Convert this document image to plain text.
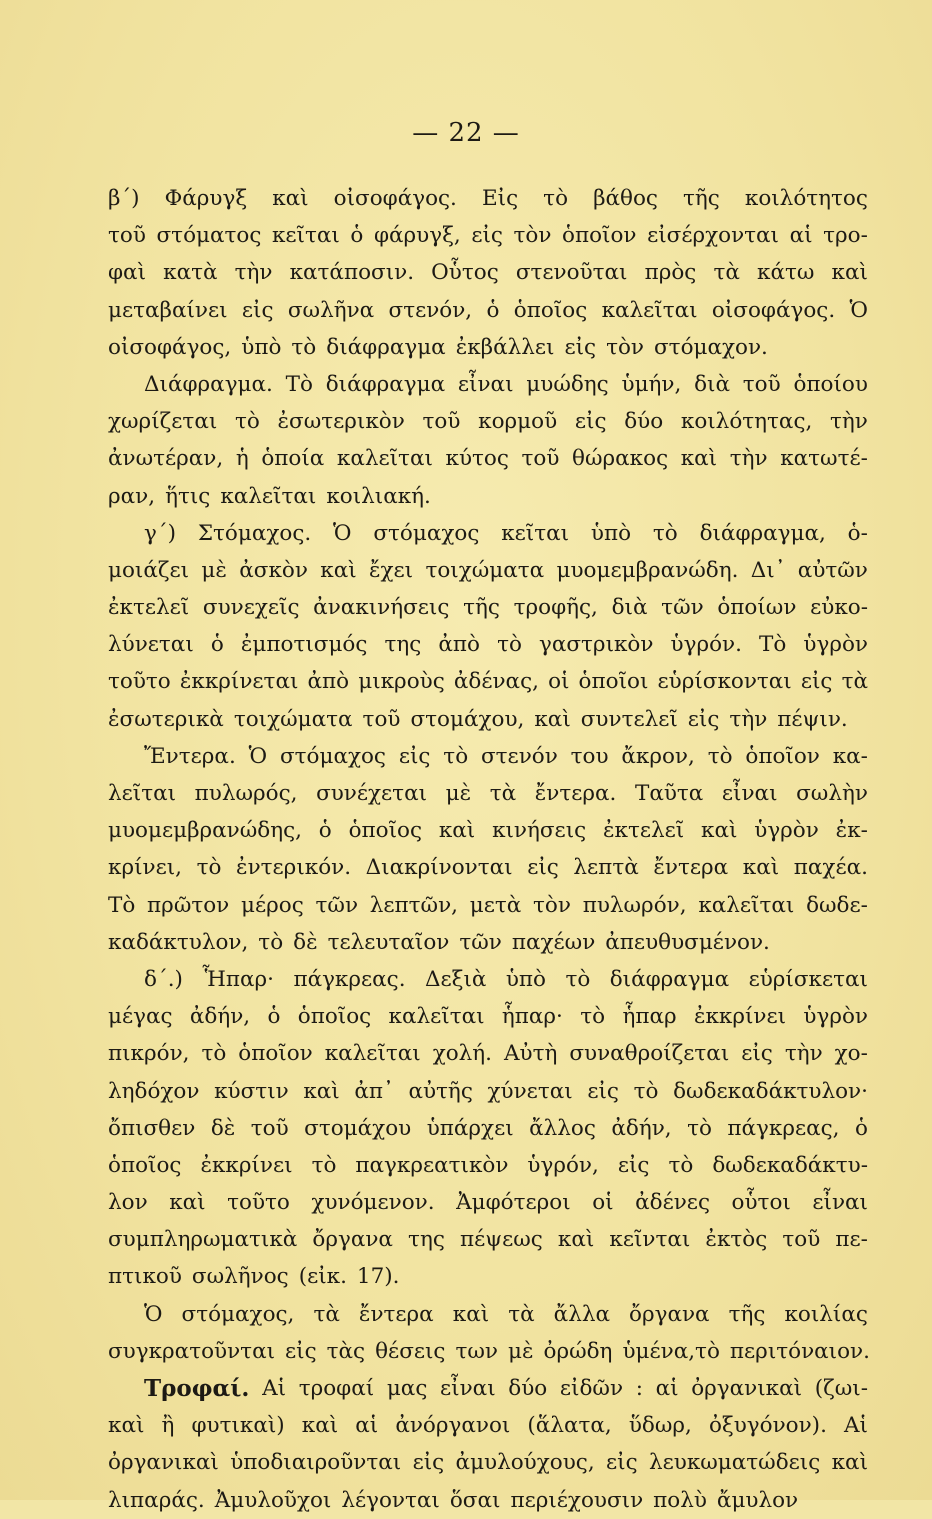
— 22 —
β΄) Φάρυγξ καὶ οἰσοφάγος. Εἰς τὸ βάθος τῆς κοιλότητος
τοῦ στόματος κεῖται ὁ φάρυγξ, εἰς τὸν ὁποῖον εἰσέρχονται αἱ τρο-
φαὶ κατὰ τὴν κατάποσιν. Οὗτος στενοῦται πρὸς τὰ κάτω καὶ
μεταβαίνει εἰς σωλῆνα στενόν, ὁ ὁποῖος καλεῖται οἰσοφάγος. Ὁ
οἰσοφάγος, ὑπὸ τὸ διάφραγμα ἐκβάλλει εἰς τὸν στόμαχον.
Διάφραγμα. Τὸ διάφραγμα εἶναι μυώδης ὑμήν, διὰ τοῦ ὁποίου
χωρίζεται τὸ ἐσωτερικὸν τοῦ κορμοῦ εἰς δύο κοιλότητας, τὴν
ἀνωτέραν, ἡ ὁποία καλεῖται κύτος τοῦ θώρακος καὶ τὴν κατωτέ-
ραν, ἥτις καλεῖται κοιλιακή.
γ΄) Στόμαχος. Ὁ στόμαχος κεῖται ὑπὸ τὸ διάφραγμα, ὁ-
μοιάζει μὲ ἀσκὸν καὶ ἔχει τοιχώματα μυομεμβρανώδη. Δι᾿ αὐτῶν
ἐκτελεῖ συνεχεῖς ἀνακινήσεις τῆς τροφῆς, διὰ τῶν ὁποίων εὐκο-
λύνεται ὁ ἐμποτισμός της ἀπὸ τὸ γαστρικὸν ὑγρόν. Τὸ ὑγρὸν
τοῦτο ἐκκρίνεται ἀπὸ μικροὺς ἀδένας, οἱ ὁποῖοι εὑρίσκονται εἰς τὰ
ἐσωτερικὰ τοιχώματα τοῦ στομάχου, καὶ συντελεῖ εἰς τὴν πέψιν.
Ἔντερα. Ὁ στόμαχος εἰς τὸ στενόν του ἄκρον, τὸ ὁποῖον κα-
λεῖται πυλωρός, συνέχεται μὲ τὰ ἔντερα. Ταῦτα εἶναι σωλὴν
μυομεμβρανώδης, ὁ ὁποῖος καὶ κινήσεις ἐκτελεῖ καὶ ὑγρὸν ἐκ-
κρίνει, τὸ ἐντερικόν. Διακρίνονται εἰς λεπτὰ ἔντερα καὶ παχέα.
Τὸ πρῶτον μέρος τῶν λεπτῶν, μετὰ τὸν πυλωρόν, καλεῖται δωδε-
καδάκτυλον, τὸ δὲ τελευταῖον τῶν παχέων ἀπευθυσμένον.
δ΄.) Ἧπαρ· πάγκρεας. Δεξιὰ ὑπὸ τὸ διάφραγμα εὑρίσκεται
μέγας ἀδήν, ὁ ὁποῖος καλεῖται ἧπαρ· τὸ ἧπαρ ἐκκρίνει ὑγρὸν
πικρόν, τὸ ὁποῖον καλεῖται χολή. Αὐτὴ συναθροίζεται εἰς τὴν χο-
ληδόχον κύστιν καὶ ἀπ᾿ αὐτῆς χύνεται εἰς τὸ δωδεκαδάκτυλον·
ὄπισθεν δὲ τοῦ στομάχου ὑπάρχει ἄλλος ἀδήν, τὸ πάγκρεας, ὁ
ὁποῖος ἐκκρίνει τὸ παγκρεατικὸν ὑγρόν, εἰς τὸ δωδεκαδάκτυ-
λον καὶ τοῦτο χυνόμενον. Ἀμφότεροι οἱ ἀδένες οὗτοι εἶναι
συμπληρωματικὰ ὄργανα της πέψεως καὶ κεῖνται ἐκτὸς τοῦ πε-
πτικοῦ σωλῆνος (εἰκ. 17).
Ὁ στόμαχος, τὰ ἔντερα καὶ τὰ ἄλλα ὄργανα τῆς κοιλίας
συγκρατοῦνται εἰς τὰς θέσεις των μὲ ὀρώδη ὑμένα,τὸ περιτόναιον.
Τροφαί. Αἱ τροφαί μας εἶναι δύο εἰδῶν : αἱ ὀργανικαὶ (ζωι-
καὶ ἢ φυτικαὶ) καὶ αἱ ἀνόργανοι (ἅλατα, ὕδωρ, ὀξυγόνον). Αἱ
ὀργανικαὶ ὑποδιαιροῦνται εἰς ἀμυλούχους, εἰς λευκωματώδεις καὶ
λιπαράς. Ἀμυλοῦχοι λέγονται ὅσαι περιέχουσιν πολὺ ἄμυλον
